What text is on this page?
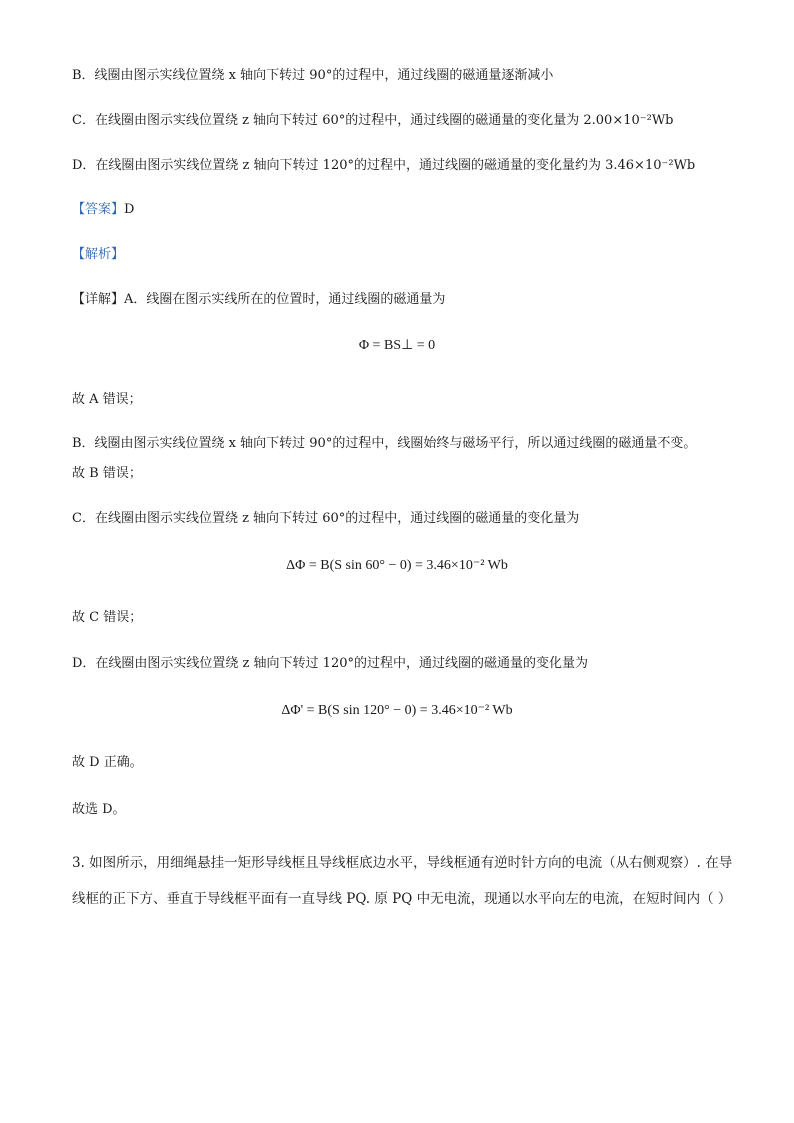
B．线圈由图示实线位置绕 x 轴向下转过 90°的过程中，通过线圈的磁通量逐渐减小
C．在线圈由图示实线位置绕 z 轴向下转过 60°的过程中，通过线圈的磁通量的变化量为 2.00×10⁻²Wb
D．在线圈由图示实线位置绕 z 轴向下转过 120°的过程中，通过线圈的磁通量的变化量约为 3.46×10⁻²Wb
【答案】D
【解析】
【详解】A．线圈在图示实线所在的位置时，通过线圈的磁通量为
Φ = BS⊥ = 0
故 A 错误；
B．线圈由图示实线位置绕 x 轴向下转过 90°的过程中，线圈始终与磁场平行，所以通过线圈的磁通量不变。
故 B 错误；
C．在线圈由图示实线位置绕 z 轴向下转过 60°的过程中，通过线圈的磁通量的变化量为
ΔΦ = B(S sin 60° − 0) = 3.46×10⁻² Wb
故 C 错误；
D．在线圈由图示实线位置绕 z 轴向下转过 120°的过程中，通过线圈的磁通量的变化量为
ΔΦ' = B(S sin 120° − 0) = 3.46×10⁻² Wb
故 D 正确。
故选 D。
3. 如图所示，用细绳悬挂一矩形导线框且导线框底边水平，导线框通有逆时针方向的电流（从右侧观察）. 在导线框的正下方、垂直于导线框平面有一直导线 PQ. 原 PQ 中无电流，现通以水平向左的电流，在短时间内（ ）
